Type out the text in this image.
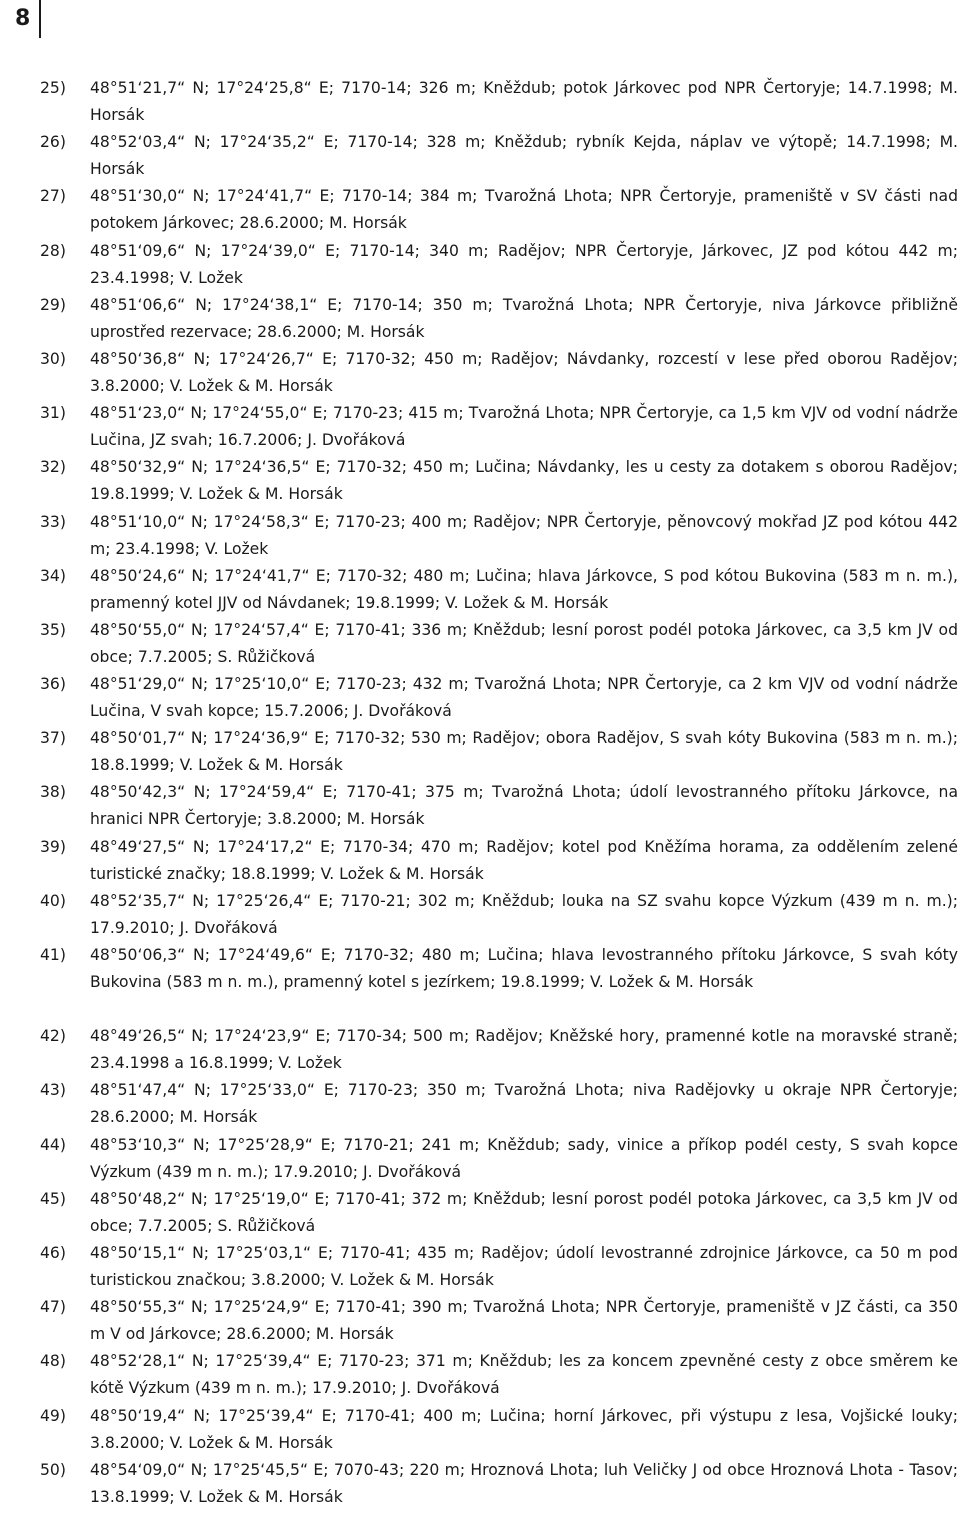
8
25) 48°51‘21,7“ N; 17°24‘25,8“ E; 7170-14; 326 m; Kněždub; potok Járkovec pod NPR Čertoryje; 14.7.1998; M. Horsák
26) 48°52‘03,4“ N; 17°24‘35,2“ E; 7170-14; 328 m; Kněždub; rybník Kejda, náplav ve výtopě; 14.7.1998; M. Horsák
27) 48°51‘30,0“ N; 17°24‘41,7“ E; 7170-14; 384 m; Tvarožná Lhota; NPR Čertoryje, prameniště v SV části nad potokem Járkovec; 28.6.2000; M. Horsák
28) 48°51‘09,6“ N; 17°24‘39,0“ E; 7170-14; 340 m; Radějov; NPR Čertoryje, Járkovec, JZ pod kótou 442 m; 23.4.1998; V. Ložek
29) 48°51‘06,6“ N; 17°24‘38,1“ E; 7170-14; 350 m; Tvarožná Lhota; NPR Čertoryje, niva Járkovce přibližně uprostřed rezervace; 28.6.2000; M. Horsák
30) 48°50‘36,8“ N; 17°24‘26,7“ E; 7170-32; 450 m; Radějov; Návdanky, rozcestí v lese před oborou Radějov; 3.8.2000; V. Ložek & M. Horsák
31) 48°51‘23,0“ N; 17°24‘55,0“ E; 7170-23; 415 m; Tvarožná Lhota; NPR Čertoryje, ca 1,5 km VJV od vodní nádrže Lučina, JZ svah; 16.7.2006; J. Dvořáková
32) 48°50‘32,9“ N; 17°24‘36,5“ E; 7170-32; 450 m; Lučina; Návdanky, les u cesty za dotakem s oborou Radějov; 19.8.1999; V. Ložek & M. Horsák
33) 48°51‘10,0“ N; 17°24‘58,3“ E; 7170-23; 400 m; Radějov; NPR Čertoryje, pěnovcový mokřad JZ pod kótou 442 m; 23.4.1998; V. Ložek
34) 48°50‘24,6“ N; 17°24‘41,7“ E; 7170-32; 480 m; Lučina; hlava Járkovce, S pod kótou Bukovina (583 m n. m.), pramenný kotel JJV od Návdanek; 19.8.1999; V. Ložek & M. Horsák
35) 48°50‘55,0“ N; 17°24‘57,4“ E; 7170-41; 336 m; Kněždub; lesní porost podél potoka Járkovec, ca 3,5 km JV od obce; 7.7.2005; S. Růžičková
36) 48°51‘29,0“ N; 17°25‘10,0“ E; 7170-23; 432 m; Tvarožná Lhota; NPR Čertoryje, ca 2 km VJV od vodní nádrže Lučina, V svah kopce; 15.7.2006; J. Dvořáková
37) 48°50‘01,7“ N; 17°24‘36,9“ E; 7170-32; 530 m; Radějov; obora Radějov, S svah kóty Bukovina (583 m n. m.); 18.8.1999; V. Ložek & M. Horsák
38) 48°50‘42,3“ N; 17°24‘59,4“ E; 7170-41; 375 m; Tvarožná Lhota; údolí levostranného přítoku Járkovce, na hranici NPR Čertoryje; 3.8.2000; M. Horsák
39) 48°49‘27,5“ N; 17°24‘17,2“ E; 7170-34; 470 m; Radějov; kotel pod Kněžíma horama, za oddělením zelené turistické značky; 18.8.1999; V. Ložek & M. Horsák
40) 48°52‘35,7“ N; 17°25‘26,4“ E; 7170-21; 302 m; Kněždub; louka na SZ svahu kopce Výzkum (439 m n. m.); 17.9.2010; J. Dvořáková
41) 48°50‘06,3“ N; 17°24‘49,6“ E; 7170-32; 480 m; Lučina; hlava levostranného přítoku Járkovce, S svah kóty Bukovina (583 m n. m.), pramenný kotel s jezírkem; 19.8.1999; V. Ložek & M. Horsák
42) 48°49‘26,5“ N; 17°24‘23,9“ E; 7170-34; 500 m; Radějov; Kněžské hory, pramenné kotle na moravské straně; 23.4.1998 a 16.8.1999; V. Ložek
43) 48°51‘47,4“ N; 17°25‘33,0“ E; 7170-23; 350 m; Tvarožná Lhota; niva Radějovky u okraje NPR Čertoryje; 28.6.2000; M. Horsák
44) 48°53‘10,3“ N; 17°25‘28,9“ E; 7170-21; 241 m; Kněždub; sady, vinice a příkop podél cesty, S svah kopce Výzkum (439 m n. m.); 17.9.2010; J. Dvořáková
45) 48°50‘48,2“ N; 17°25‘19,0“ E; 7170-41; 372 m; Kněždub; lesní porost podél potoka Járkovec, ca 3,5 km JV od obce; 7.7.2005; S. Růžičková
46) 48°50‘15,1“ N; 17°25‘03,1“ E; 7170-41; 435 m; Radějov; údolí levostranné zdrojnice Járkovce, ca 50 m pod turistickou značkou; 3.8.2000; V. Ložek & M. Horsák
47) 48°50‘55,3“ N; 17°25‘24,9“ E; 7170-41; 390 m; Tvarožná Lhota; NPR Čertoryje, prameniště v JZ části, ca 350 m V od Járkovce; 28.6.2000; M. Horsák
48) 48°52‘28,1“ N; 17°25‘39,4“ E; 7170-23; 371 m; Kněždub; les za koncem zpevněné cesty z obce směrem ke kótě Výzkum (439 m n. m.); 17.9.2010; J. Dvořáková
49) 48°50‘19,4“ N; 17°25‘39,4“ E; 7170-41; 400 m; Lučina; horní Járkovec, při výstupu z lesa, Vojšické louky; 3.8.2000; V. Ložek & M. Horsák
50) 48°54‘09,0“ N; 17°25‘45,5“ E; 7070-43; 220 m; Hroznová Lhota; luh Veličky J od obce Hroznová Lhota - Tasov; 13.8.1999; V. Ložek & M. Horsák
